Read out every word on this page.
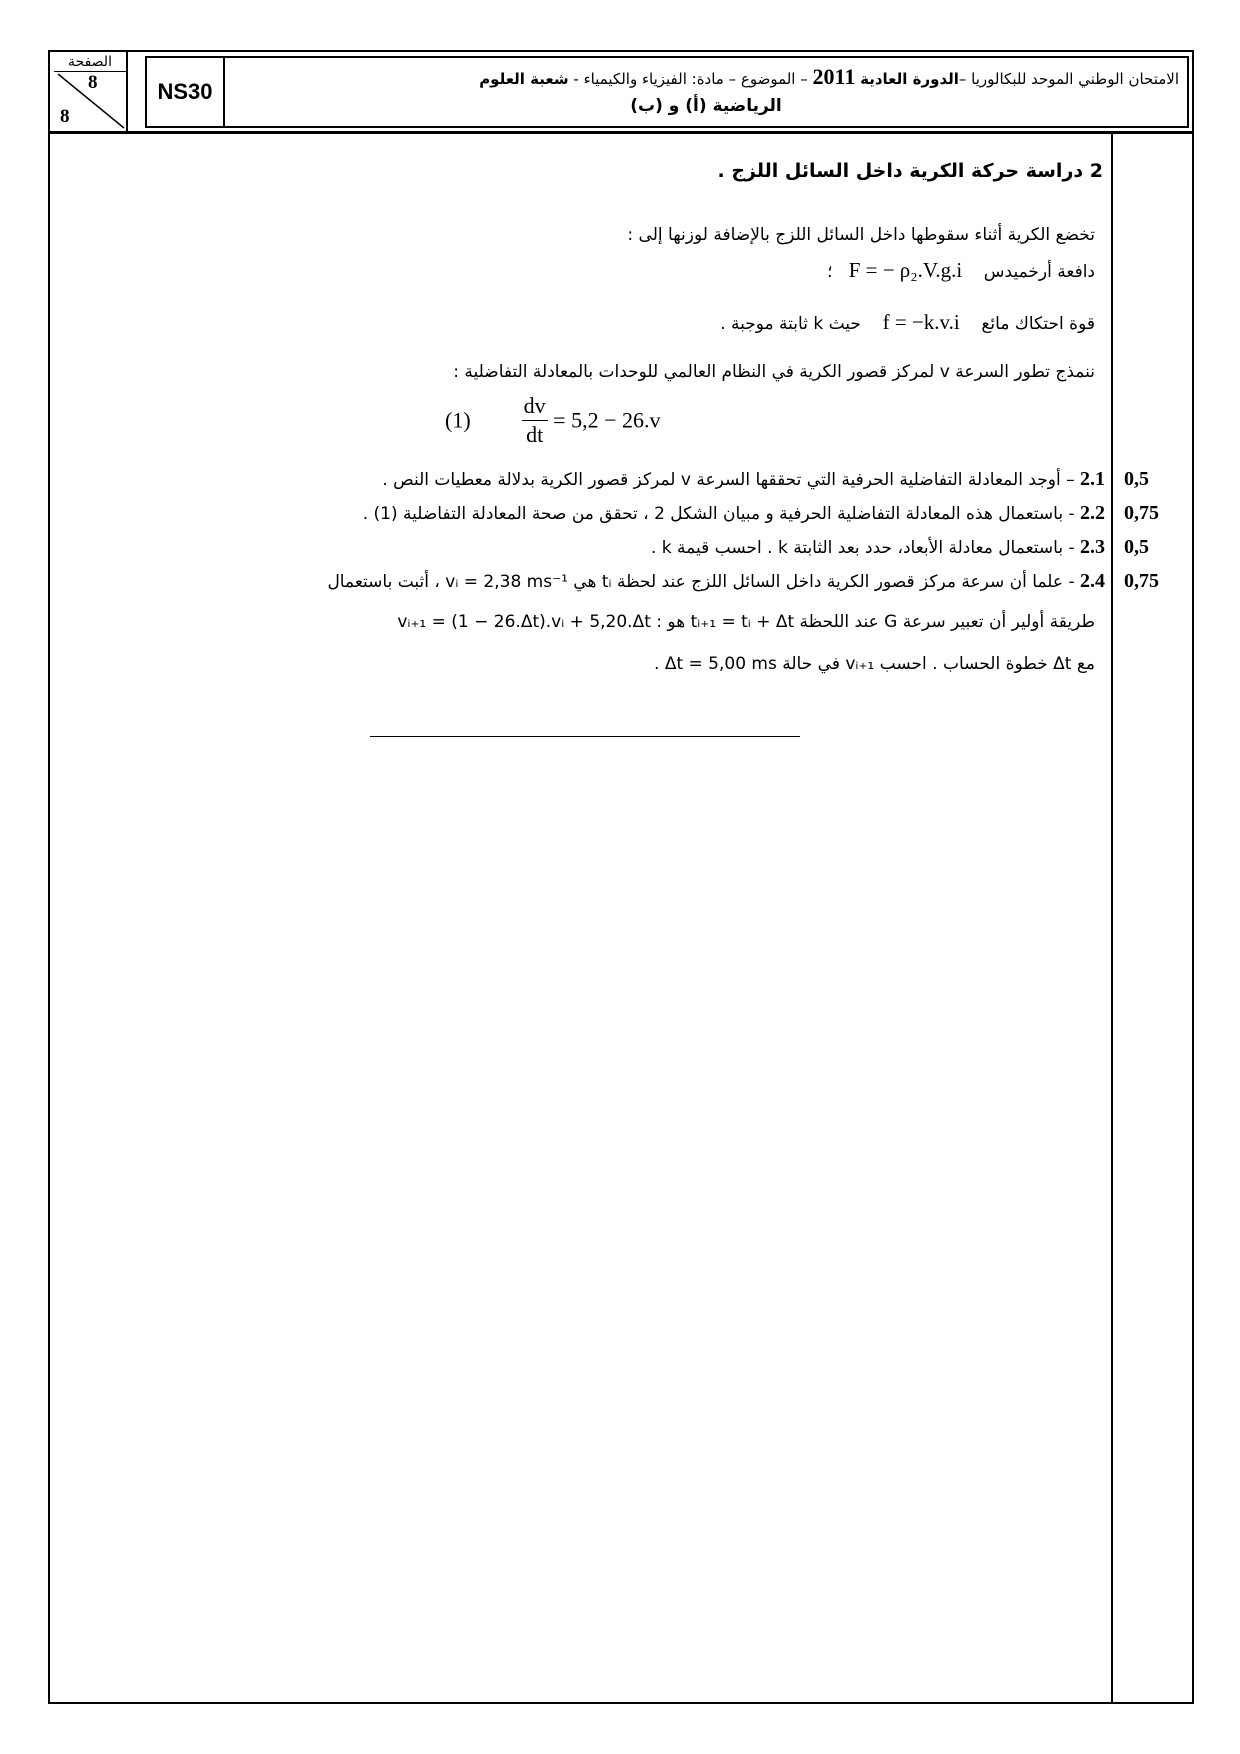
الصفحة
8
8
NS30	الامتحان الوطني الموحد للبكالوريا –الدورة العادية 2011 – الموضوع – مادة: الفيزياء والكيمياء - شعبة العلوم
الرياضية (أ) و (ب)
2 دراسة حركة الكرية داخل السائل اللزج .
تخضع الكرية أثناء سقوطها داخل السائل اللزج بالإضافة لوزنها إلى :
دافعة أرخميدس    F = − ρ₂.V.g.i   ؛
قوة احتكاك مائع    f = −k.v.i    حيث k ثابتة موجبة .
ننمذج تطور السرعة v لمركز قصور الكرية في النظام العالمي للوحدات بالمعادلة التفاضلية :
$(1) \frac{dv}{dt} = 5,2 - 26.v$
2.1 – أوجد المعادلة التفاضلية الحرفية التي تحققها السرعة v لمركز قصور الكرية بدلالة معطيات النص .	0,5
2.2 - باستعمال هذه المعادلة التفاضلية الحرفية و مبيان الشكل 2 ، تحقق من صحة المعادلة التفاضلية (1) .	0,75
2.3 - باستعمال معادلة الأبعاد، حدد بعد الثابتة k . احسب قيمة k .	0,5
2.4 - علما أن سرعة مركز قصور الكرية داخل السائل اللزج عند لحظة tᵢ هي vᵢ = 2,38 ms⁻¹ ، أثبت باستعمال	0,75
طريقة أولير أن تعبير سرعة G عند اللحظة tᵢ₊₁ = tᵢ + Δt هو : vᵢ₊₁ = (1 − 26.Δt).vᵢ + 5,20.Δt
مع Δt خطوة الحساب . احسب vᵢ₊₁ في حالة Δt = 5,00 ms .
